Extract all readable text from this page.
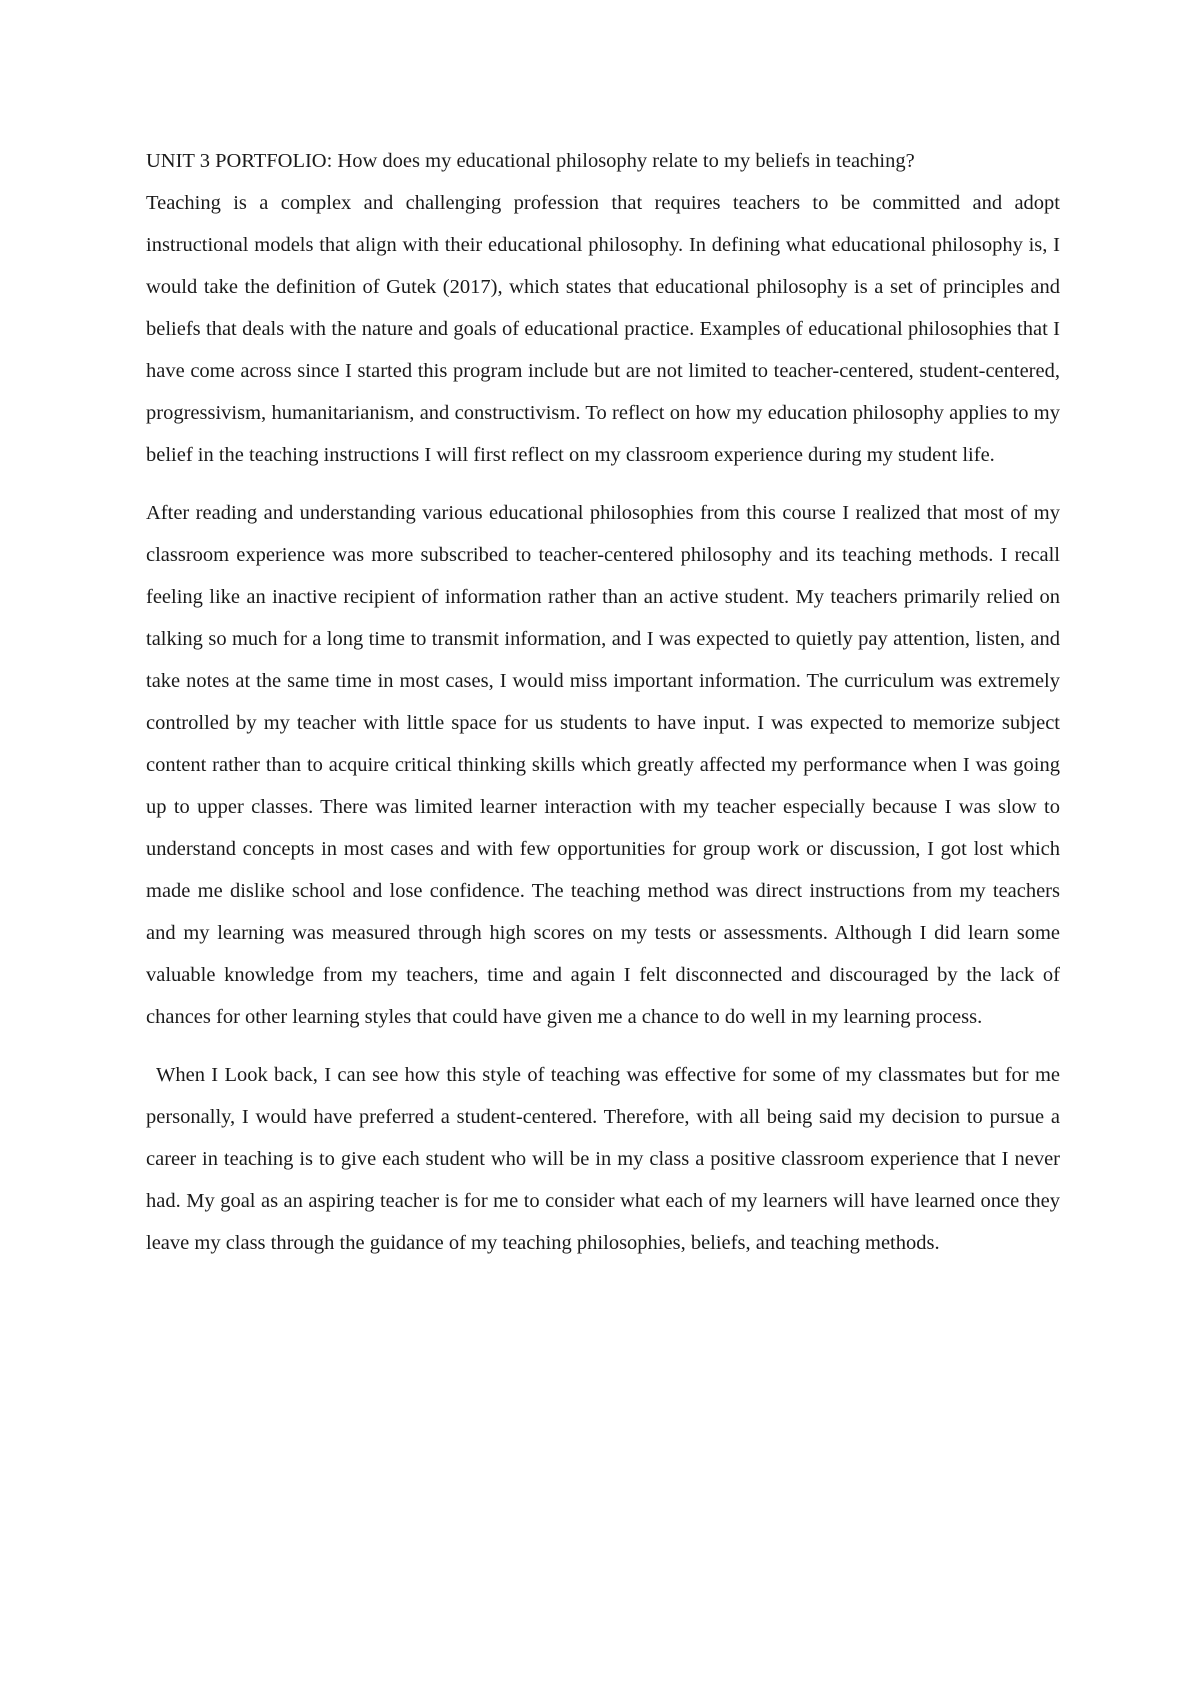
UNIT 3 PORTFOLIO: How does my educational philosophy relate to my beliefs in teaching?

Teaching is a complex and challenging profession that requires teachers to be committed and adopt instructional models that align with their educational philosophy. In defining what educational philosophy is, I would take the definition of Gutek (2017), which states that educational philosophy is a set of principles and beliefs that deals with the nature and goals of educational practice. Examples of educational philosophies that I have come across since I started this program include but are not limited to teacher-centered, student-centered, progressivism, humanitarianism, and constructivism. To reflect on how my education philosophy applies to my belief in the teaching instructions I will first reflect on my classroom experience during my student life.

After reading and understanding various educational philosophies from this course I realized that most of my classroom experience was more subscribed to teacher-centered philosophy and its teaching methods. I recall feeling like an inactive recipient of information rather than an active student. My teachers primarily relied on talking so much for a long time to transmit information, and I was expected to quietly pay attention, listen, and take notes at the same time in most cases, I would miss important information. The curriculum was extremely controlled by my teacher with little space for us students to have input. I was expected to memorize subject content rather than to acquire critical thinking skills which greatly affected my performance when I was going up to upper classes. There was limited learner interaction with my teacher especially because I was slow to understand concepts in most cases and with few opportunities for group work or discussion, I got lost which made me dislike school and lose confidence. The teaching method was direct instructions from my teachers and my learning was measured through high scores on my tests or assessments. Although I did learn some valuable knowledge from my teachers, time and again I felt disconnected and discouraged by the lack of chances for other learning styles that could have given me a chance to do well in my learning process.

When I Look back, I can see how this style of teaching was effective for some of my classmates but for me personally, I would have preferred a student-centered. Therefore, with all being said my decision to pursue a career in teaching is to give each student who will be in my class a positive classroom experience that I never had. My goal as an aspiring teacher is for me to consider what each of my learners will have learned once they leave my class through the guidance of my teaching philosophies, beliefs, and teaching methods.
